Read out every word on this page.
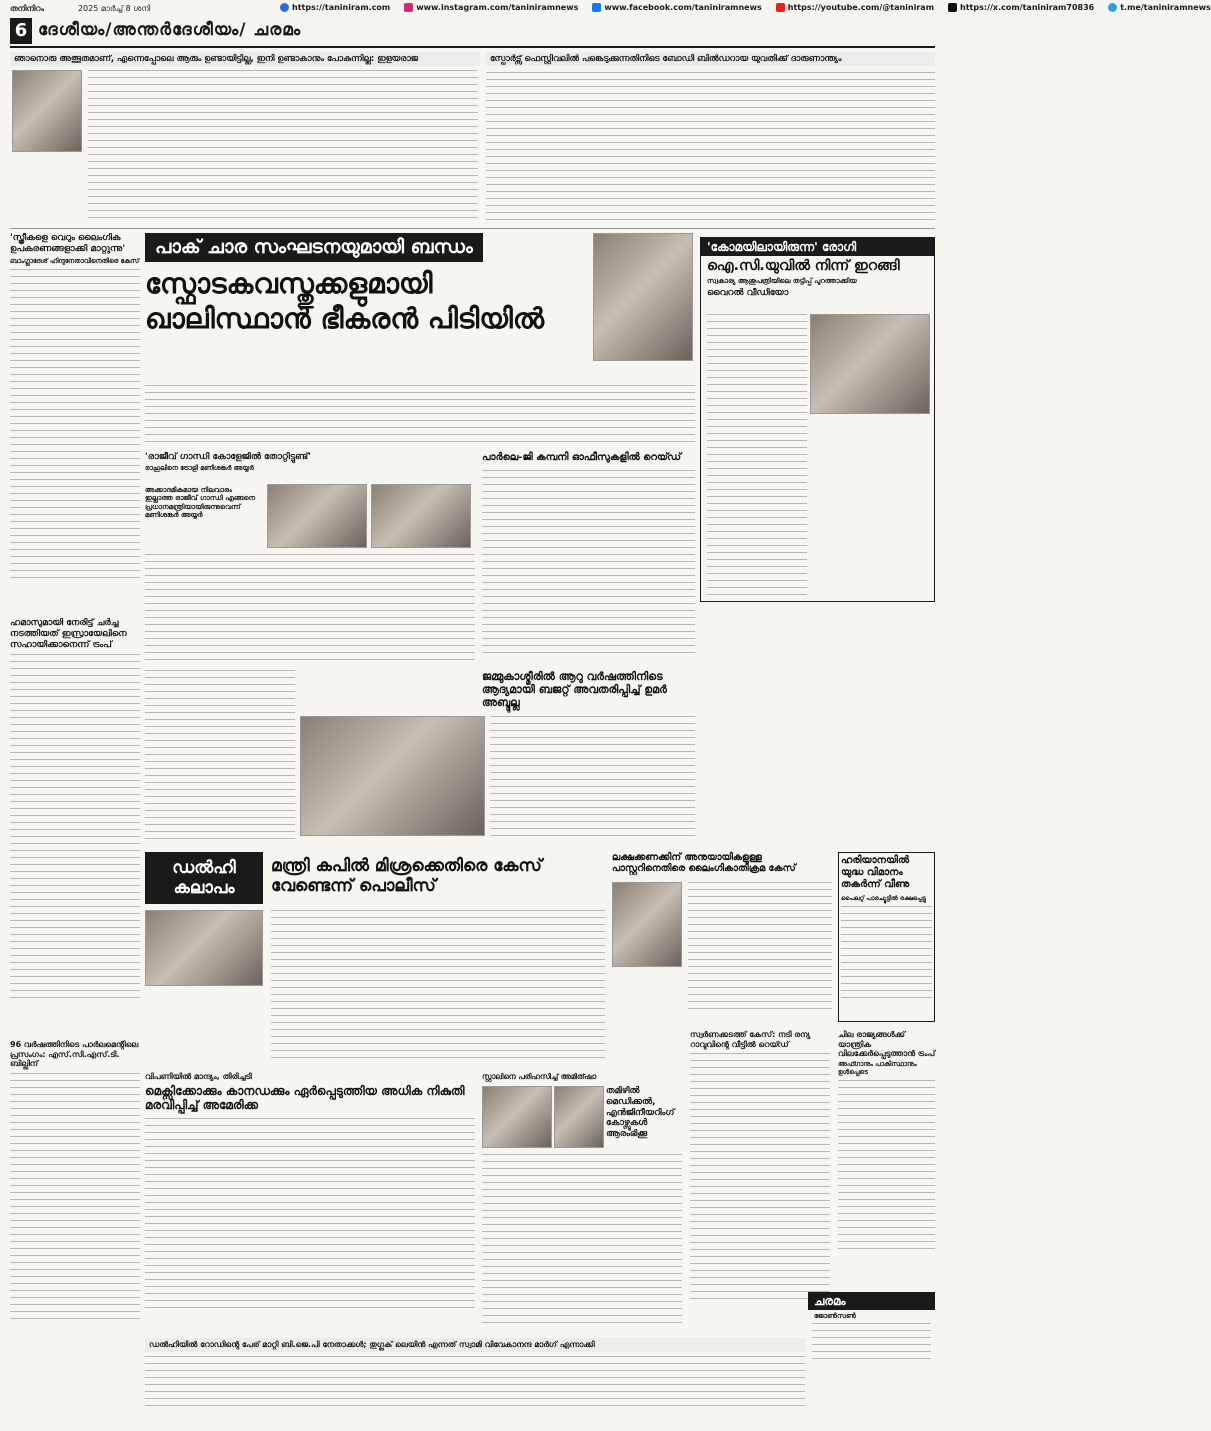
തനിനിറം	2025 മാർച്ച് 8 ശനി	https://taniniram.com	www.instagram.com/taniniramnews	www.facebook.com/taniniramnews	https://youtube.com/@taniniram	https://x.com/taniniram70836	t.me/taniniramnews
6 ദേശീയം/അന്തർദേശീയം/ ചരമം
ഞാനൊരു അത്ഭുതമാണ്, എന്നെപ്പോലെ ആരും ഉണ്ടായിട്ടില്ല, ഇനി ഉണ്ടാകാനും പോകുന്നില്ല: ഇളയരാജ	സ്പോർട്സ് ഫെസ്റ്റിവലിൽ പങ്കെടുക്കുന്നതിനിടെ ബോഡി ബിൽഡറായ യുവതിക്ക് ദാരുണാന്ത്യം
'സ്ത്രീകളെ വെറും ലൈംഗിക ഉപകരണങ്ങളാക്കി മാറ്റുന്നു'
ബാംഗ്ലാദേശ് ഹിന്ദുനേതാവിനെതിരെ കേസ്
പാക് ചാര സംഘടനയുമായി ബന്ധം
സ്ഫോടകവസ്തുക്കളുമായി ഖാലിസ്ഥാൻ ഭീകരൻ പിടിയിൽ
'കോമയിലായിരുന്ന' രോഗി
ഐ.സി.യുവിൽ നിന്ന് ഇറങ്ങി
സ്വകാര്യ ആശുപത്രിയിലെ തട്ടിപ്പ് പുറത്താക്കിയ
വൈറൽ വീഡിയോ
'രാജീവ് ഗാന്ധി കോളേജിൽ തോറ്റിട്ടുണ്ട്'
രാഹുലിനെ ട്രോളി മണിശങ്കർ അയ്യർ
അക്കാദമികമായ നിലവാരം ഇല്ലാത്ത രാജീവ് ഗാന്ധി എങ്ങനെ പ്രധാനമന്ത്രിയായിരുന്നുവെന്ന് മണിശങ്കർ അയ്യർ
പാർലെ-ജി കമ്പനി ഓഫീസുകളിൽ റെയ്ഡ്
ഹമാസുമായി നേരിട്ട് ചർച്ച നടത്തിയത് ഇസ്രായേലിനെ സഹായിക്കാനെന്ന് ട്രംപ്
ജമ്മുകാശ്മീരിൽ ആറു വർഷത്തിനിടെ ആദ്യമായി ബജറ്റ് അവതരിപ്പിച്ച് ഉമർ അബ്ദുല്ല
ലക്ഷക്കണക്കിന് അനുയായികളുള്ള പാസ്റ്ററിനെതിരെ ലൈംഗികാതിക്രമ കേസ്
ഡൽഹി കലാപം
മന്ത്രി കപിൽ മിശ്രക്കെതിരെ കേസ് വേണ്ടെന്ന് പൊലീസ്
ഹരിയാനയിൽ യുദ്ധ വിമാനം തകർന്ന് വീണു
പൈലറ്റ് പാരച്യൂട്ടിൽ രക്ഷപ്പെട്ടു
96 വർഷത്തിനിടെ പാർലമെന്റിലെ പ്രസംഗം: എസ്.സി.എസ്.ടി. ബില്ലിന്
വിപണിയിൽ മാന്ദ്യം, തിരിച്ചടി
മെക്സിക്കോക്കും കാനഡക്കും ഏർപ്പെടുത്തിയ അധിക നികുതി മരവിപ്പിച്ച് അമേരിക്ക
സ്റ്റാലിനെ പരിഹസിച്ച് അമിത്ഷാ
തമിഴിൽ മെഡിക്കൽ, എൻജിനീയറിംഗ് കോഴ്സുകൾ ആരംഭിക്കൂ
സ്വർണക്കടത്ത് കേസ്: നടി രന്യ റാവുവിന്റെ വീട്ടിൽ റെയ്ഡ്
ചില രാജ്യങ്ങൾക്ക് യാന്ത്രിക വിലക്കേർപ്പെടുത്താൻ ട്രംപ്
അഫ്ഗാനും പാകിസ്ഥാനും ഉൾപ്പെടെ
ചരമം
ജോൺസൺ
ഡൽഹിയിൽ റോഡിന്റെ പേര് മാറ്റി ബി.ജെ.പി നേതാക്കൾ; തുഗ്ലക് ലെയിൻ എന്നത് സ്വാമി വിവേകാനന്ദ മാർഗ് എന്നാക്കി
